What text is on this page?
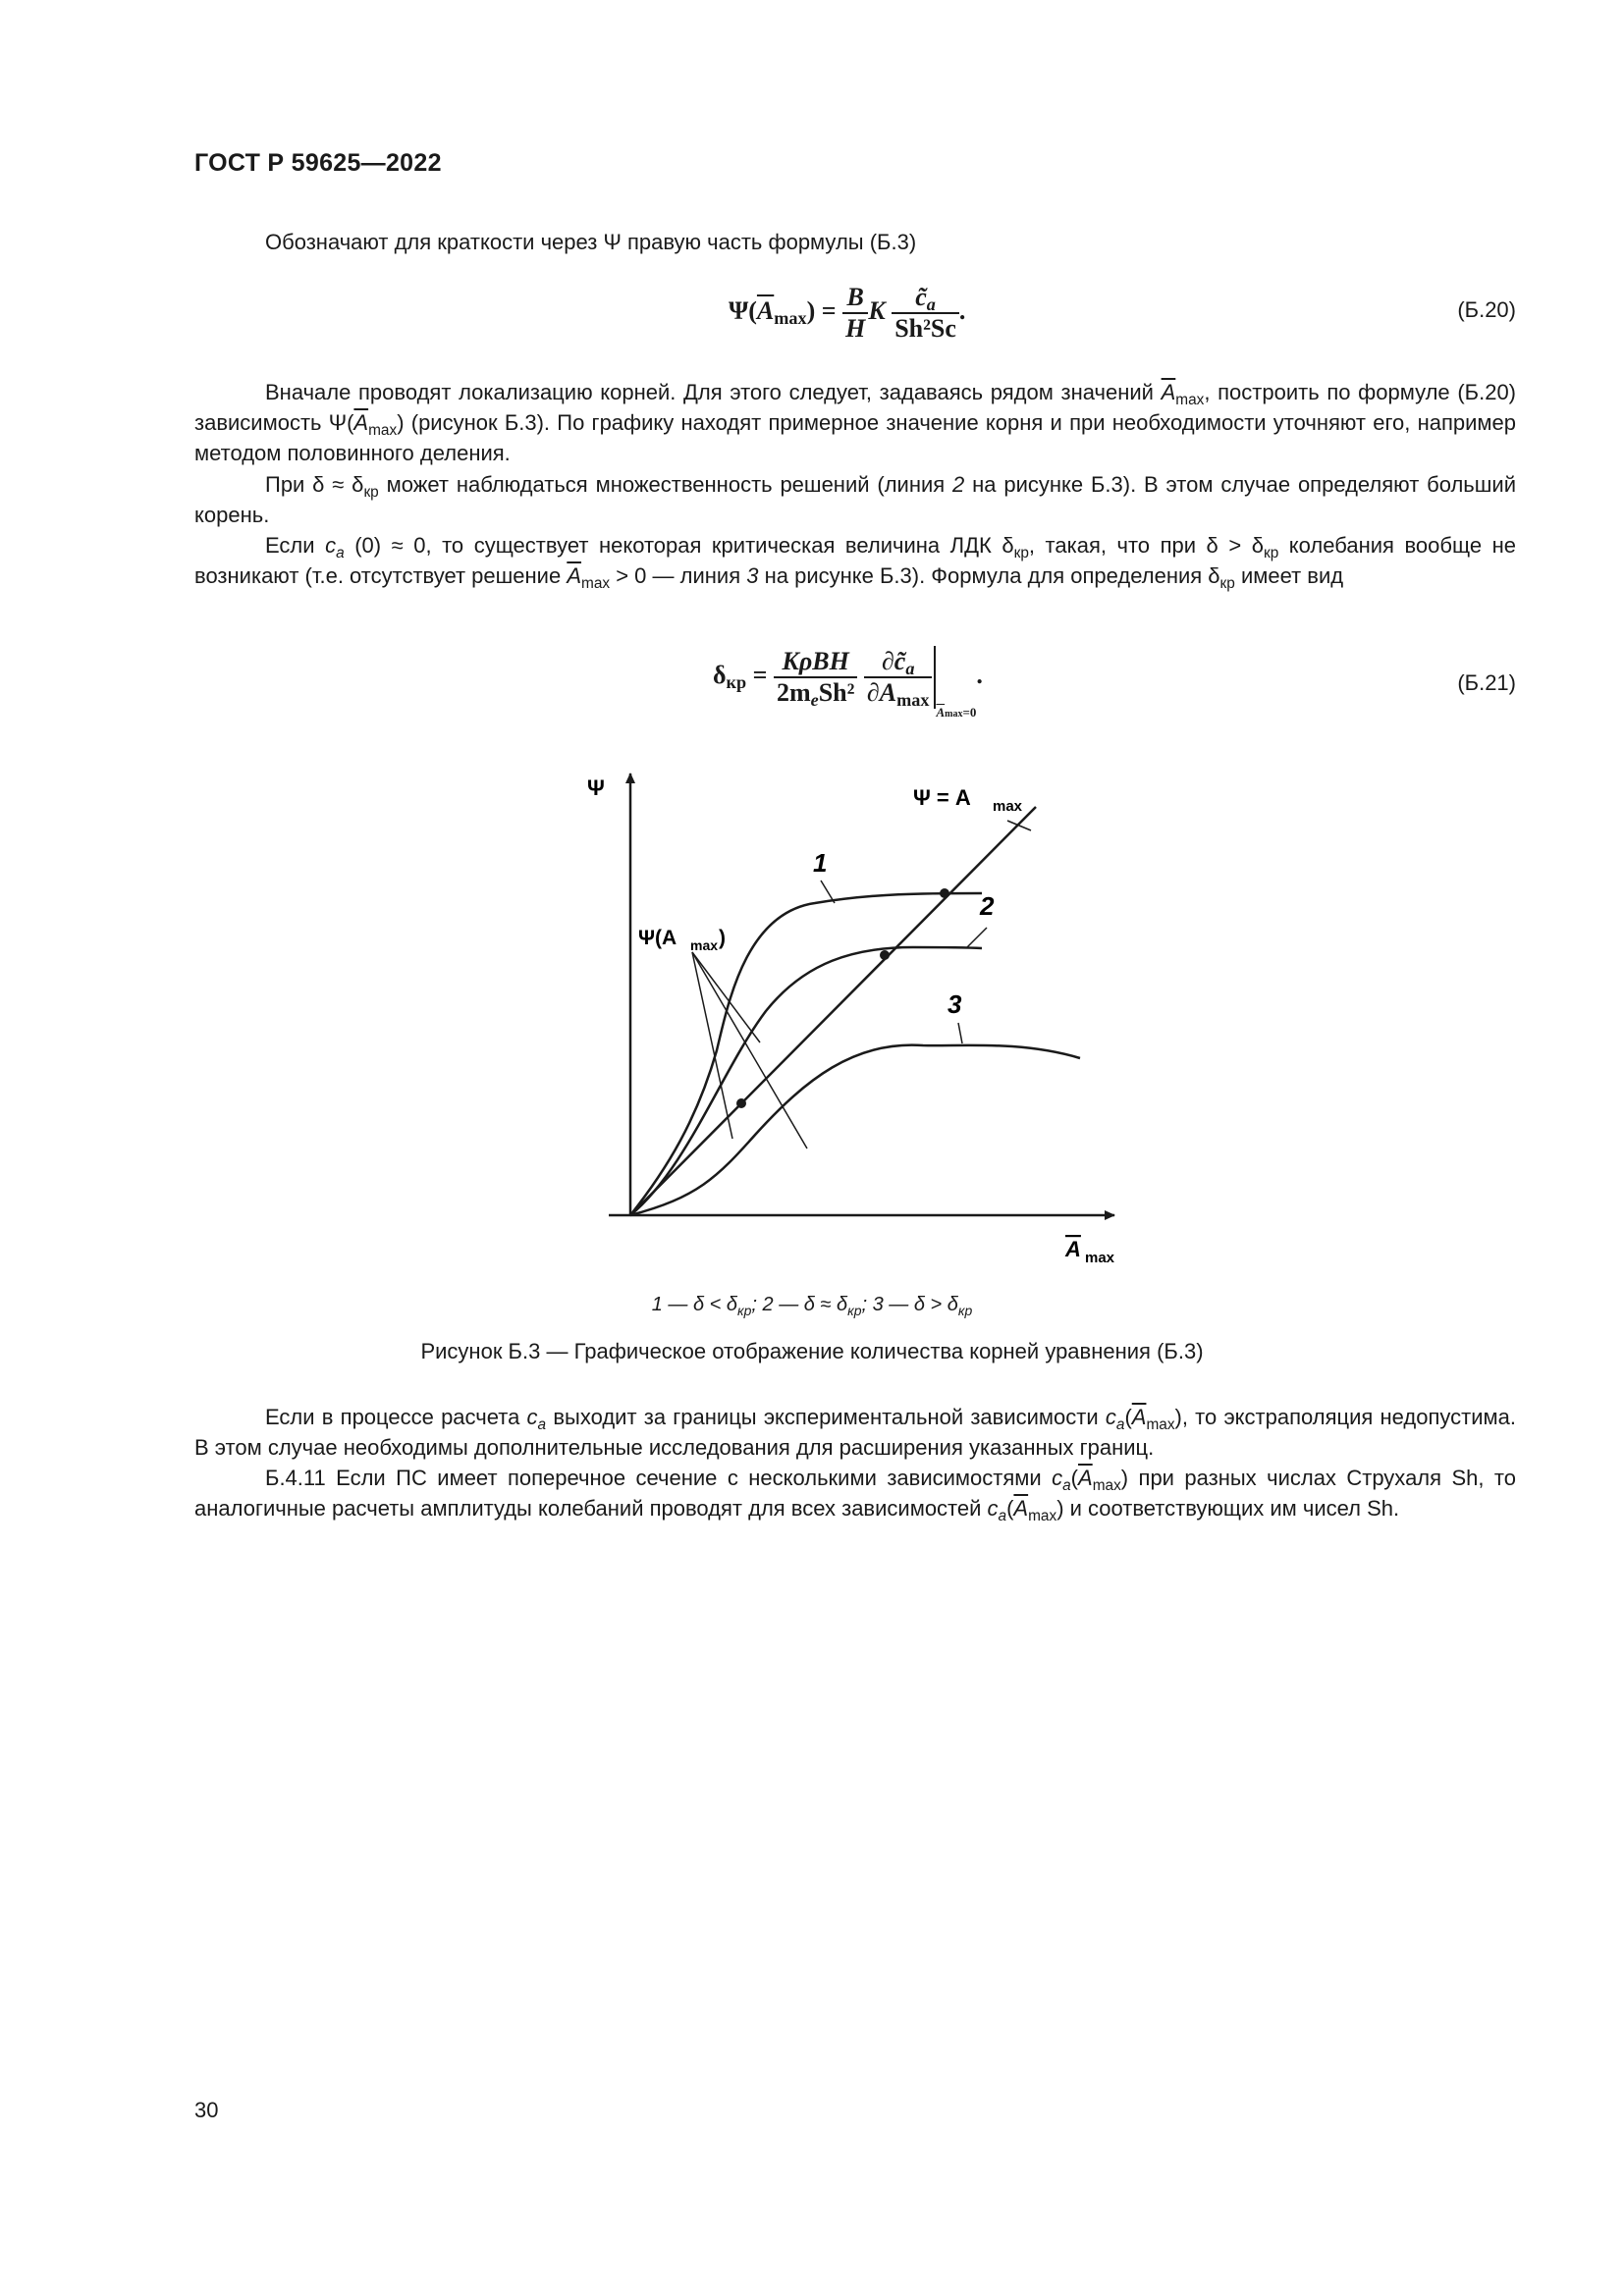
ГОСТ Р 59625—2022
Обозначают для краткости через Ψ правую часть формулы (Б.3)
$\Psi(\overline{A}_{max}) = \frac{B}{H}$ K $\frac{c̃_a}{\text{Sh²Sc}}$ .	(Б.20)
Вначале проводят локализацию корней. Для этого следует, задаваясь рядом значений $\overline{A}_{max}$, построить по формуле (Б.20) зависимость $\Psi(\overline{A}_{max})$ (рисунок Б.3). По графику находят примерное значение корня и при необходимости уточняют его, например методом половинного деления.
При $\delta \approx \delta_{кр}$ может наблюдаться множественность решений (линия 2 на рисунке Б.3). В этом случае определяют больший корень.
Если $c_a$ (0) ≈ 0, то существует некоторая критическая величина ЛДК $\delta_{кр}$, такая, что при $\delta > \delta_{кр}$ колебания вообще не возникают (т.е. отсутствует решение $\overline{A}_{max} > 0$ — линия 3 на рисунке Б.3). Формула для определения $\delta_{кр}$ имеет вид
$\delta_{кр} = \frac{\text{KρBH}}{2m_eSh^2}$
$\frac{\partial c̃_a}{\partial A_{max}}$
$\overline{A}\max=0$.	(Б.21)
Ψ
A max
Ψ = A max
Ψ(A max )
1
2
3
1 — $\delta < \delta_{кр}$; 2 — $\delta \approx \delta_{кр}$; 3 — $\delta > \delta_{кр}$
Рисунок Б.3 — Графическое отображение количества корней уравнения (Б.3)
Если в процессе расчета $c_a$ выходит за границы экспериментальной зависимости $c_a(\overline{A}_{max})$, то экстраполяция недопустима. В этом случае необходимы дополнительные исследования для расширения указанных границ.
Б.4.11 Если ПС имеет поперечное сечение с несколькими зависимостями $c_a(\overline{A}_{max})$ при разных числах Струхаля Sh, то аналогичные расчеты амплитуды колебаний проводят для всех зависимостей $c_a(\overline{A}_{max})$ и соответствующих им чисел Sh.
30
